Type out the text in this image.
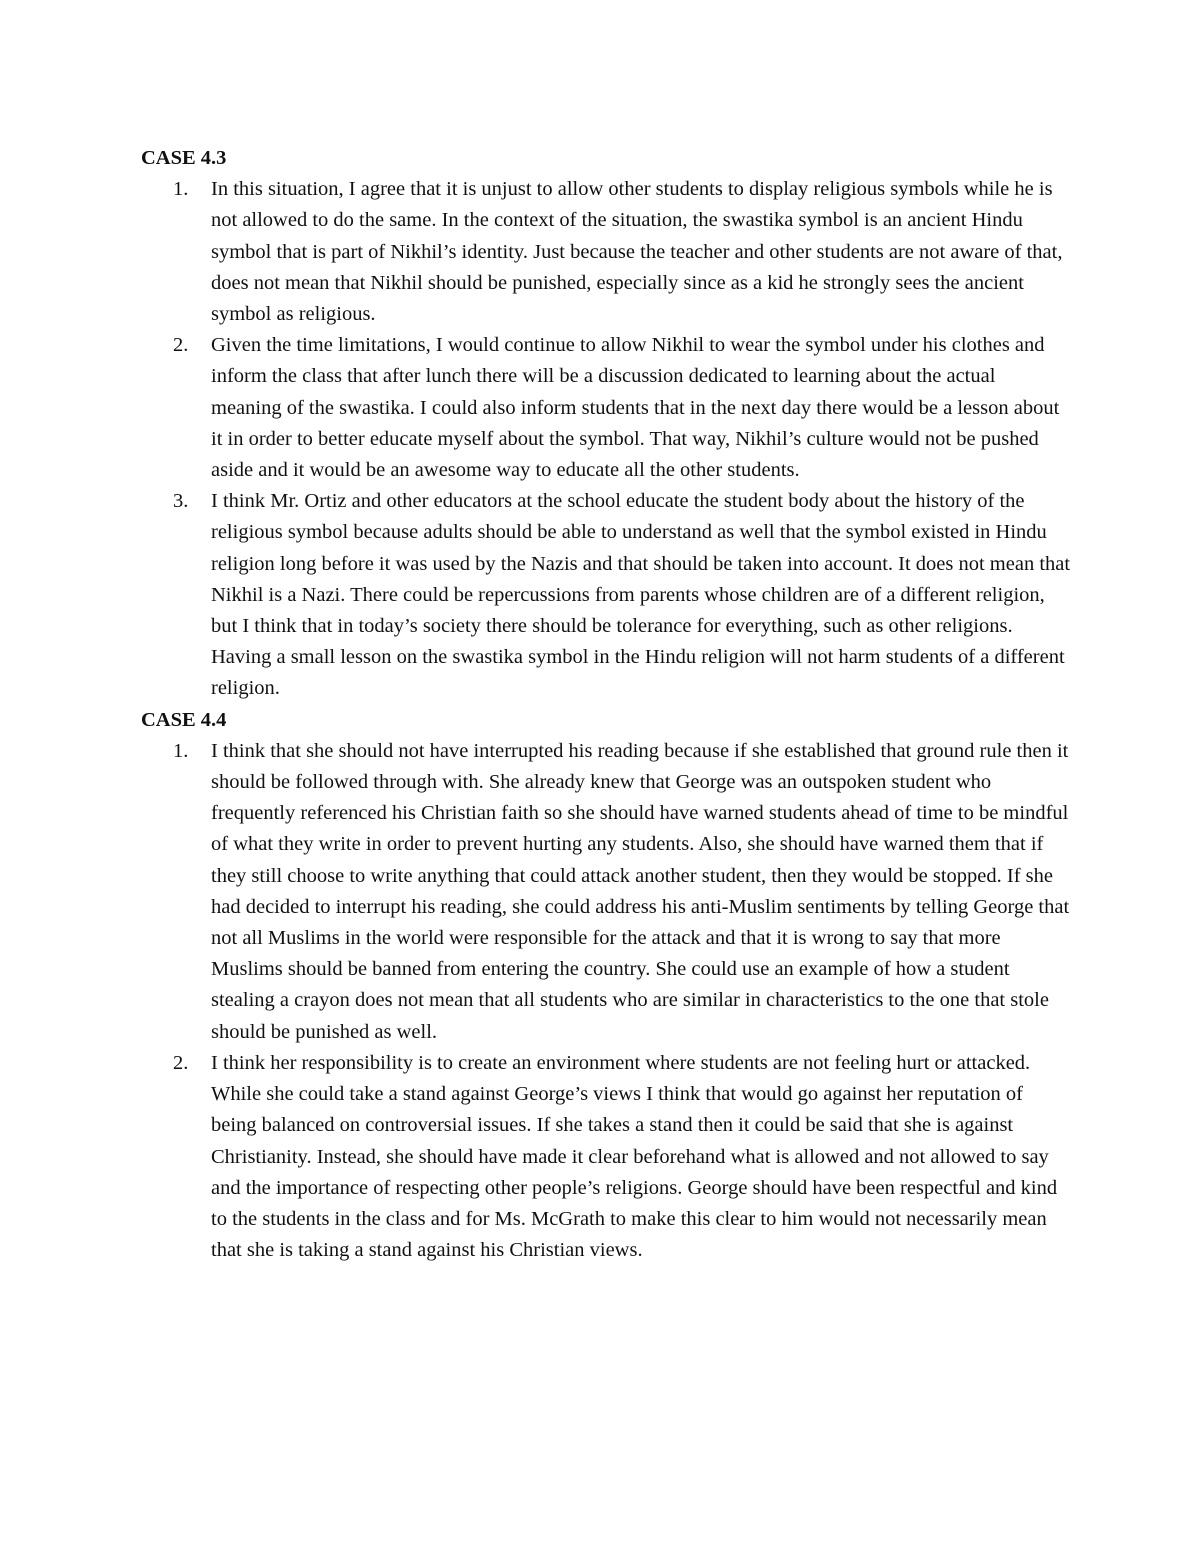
CASE 4.3

1. In this situation, I agree that it is unjust to allow other students to display religious symbols while he is not allowed to do the same. In the context of the situation, the swastika symbol is an ancient Hindu symbol that is part of Nikhil’s identity. Just because the teacher and other students are not aware of that, does not mean that Nikhil should be punished, especially since as a kid he strongly sees the ancient symbol as religious.
2. Given the time limitations, I would continue to allow Nikhil to wear the symbol under his clothes and inform the class that after lunch there will be a discussion dedicated to learning about the actual meaning of the swastika. I could also inform students that in the next day there would be a lesson about it in order to better educate myself about the symbol. That way, Nikhil’s culture would not be pushed aside and it would be an awesome way to educate all the other students.
3. I think Mr. Ortiz and other educators at the school educate the student body about the history of the religious symbol because adults should be able to understand as well that the symbol existed in Hindu religion long before it was used by the Nazis and that should be taken into account. It does not mean that Nikhil is a Nazi. There could be repercussions from parents whose children are of a different religion, but I think that in today’s society there should be tolerance for everything, such as other religions. Having a small lesson on the swastika symbol in the Hindu religion will not harm students of a different religion.

CASE 4.4

1. I think that she should not have interrupted his reading because if she established that ground rule then it should be followed through with. She already knew that George was an outspoken student who frequently referenced his Christian faith so she should have warned students ahead of time to be mindful of what they write in order to prevent hurting any students. Also, she should have warned them that if they still choose to write anything that could attack another student, then they would be stopped. If she had decided to interrupt his reading, she could address his anti-Muslim sentiments by telling George that not all Muslims in the world were responsible for the attack and that it is wrong to say that more Muslims should be banned from entering the country. She could use an example of how a student stealing a crayon does not mean that all students who are similar in characteristics to the one that stole should be punished as well.
2. I think her responsibility is to create an environment where students are not feeling hurt or attacked. While she could take a stand against George’s views I think that would go against her reputation of being balanced on controversial issues. If she takes a stand then it could be said that she is against Christianity. Instead, she should have made it clear beforehand what is allowed and not allowed to say and the importance of respecting other people’s religions. George should have been respectful and kind to the students in the class and for Ms. McGrath to make this clear to him would not necessarily mean that she is taking a stand against his Christian views.
